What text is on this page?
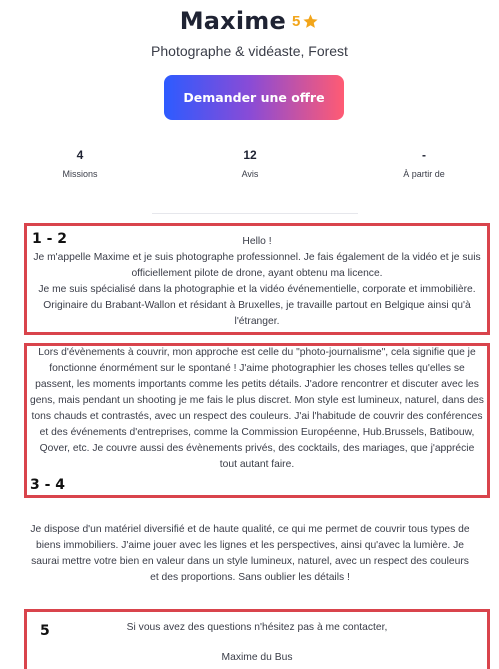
Maxime 5
Photographe & vidéaste, Forest
Demander une offre
4
Missions
12
Avis
-
À partir de
Hello !
Je m'appelle Maxime et je suis photographe professionnel. Je fais également de la vidéo et je suis officiellement pilote de drone, ayant obtenu ma licence.
Je me suis spécialisé dans la photographie et la vidéo événementielle, corporate et immobilière. Originaire du Brabant-Wallon et résidant à Bruxelles, je travaille partout en Belgique ainsi qu'à l'étranger.
Lors d'évènements à couvrir, mon approche est celle du "photo-journalisme", cela signifie que je fonctionne énormément sur le spontané ! J'aime photographier les choses telles qu'elles se passent, les moments importants comme les petits détails. J'adore rencontrer et discuter avec les gens, mais pendant un shooting je me fais le plus discret. Mon style est lumineux, naturel, dans des tons chauds et contrastés, avec un respect des couleurs. J'ai l'habitude de couvrir des conférences et des événements d'entreprises, comme la Commission Européenne, Hub.Brussels, Batibouw, Qover, etc. Je couvre aussi des évènements privés, des cocktails, des mariages, que j'apprécie tout autant faire.
Je dispose d'un matériel diversifié et de haute qualité, ce qui me permet de couvrir tous types de biens immobiliers. J'aime jouer avec les lignes et les perspectives, ainsi qu'avec la lumière. Je saurai mettre votre bien en valeur dans un style lumineux, naturel, avec un respect des couleurs et des proportions. Sans oublier les détails !
Si vous avez des questions n'hésitez pas à me contacter,
Maxime du Bus
1 - 2
3 - 4
5
